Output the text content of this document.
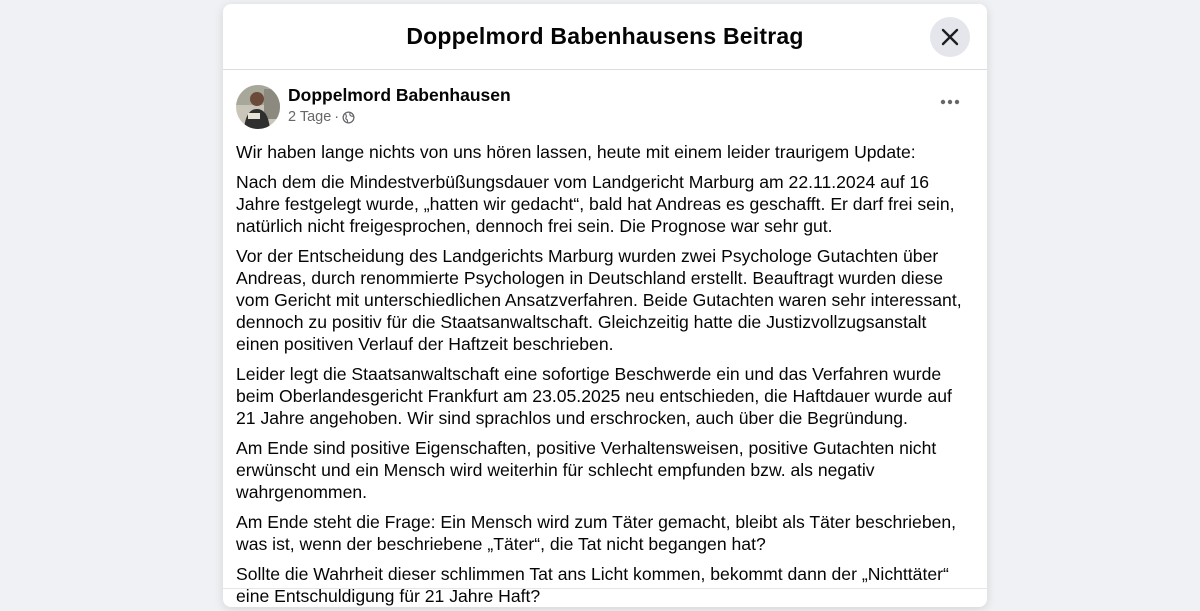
Doppelmord Babenhausens Beitrag
Doppelmord Babenhausen
2 Tage ·

Wir haben lange nichts von uns hören lassen, heute mit einem leider traurigem Update:

Nach dem die Mindestverbüßungsdauer vom Landgericht Marburg am 22.11.2024 auf 16 Jahre festgelegt wurde, „hatten wir gedacht“, bald hat Andreas es geschafft. Er darf frei sein, natürlich nicht freigesprochen, dennoch frei sein. Die Prognose war sehr gut.

Vor der Entscheidung des Landgerichts Marburg wurden zwei Psychologe Gutachten über Andreas, durch renommierte Psychologen in Deutschland erstellt. Beauftragt wurden diese vom Gericht mit unterschiedlichen Ansatzverfahren. Beide Gutachten waren sehr interessant, dennoch zu positiv für die Staatsanwaltschaft. Gleichzeitig hatte die Justizvollzugsanstalt einen positiven Verlauf der Haftzeit beschrieben.

Leider legt die Staatsanwaltschaft eine sofortige Beschwerde ein und das Verfahren wurde beim Oberlandesgericht Frankfurt am 23.05.2025 neu entschieden, die Haftdauer wurde auf 21 Jahre angehoben. Wir sind sprachlos und erschrocken, auch über die Begründung.

Am Ende sind positive Eigenschaften, positive Verhaltensweisen, positive Gutachten nicht erwünscht und ein Mensch wird weiterhin für schlecht empfunden bzw. als negativ wahrgenommen.

Am Ende steht die Frage: Ein Mensch wird zum Täter gemacht, bleibt als Täter beschrieben, was ist, wenn der beschriebene „Täter“, die Tat nicht begangen hat?

Sollte die Wahrheit dieser schlimmen Tat ans Licht kommen, bekommt dann der „Nichttäter“ eine Entschuldigung für 21 Jahre Haft?
